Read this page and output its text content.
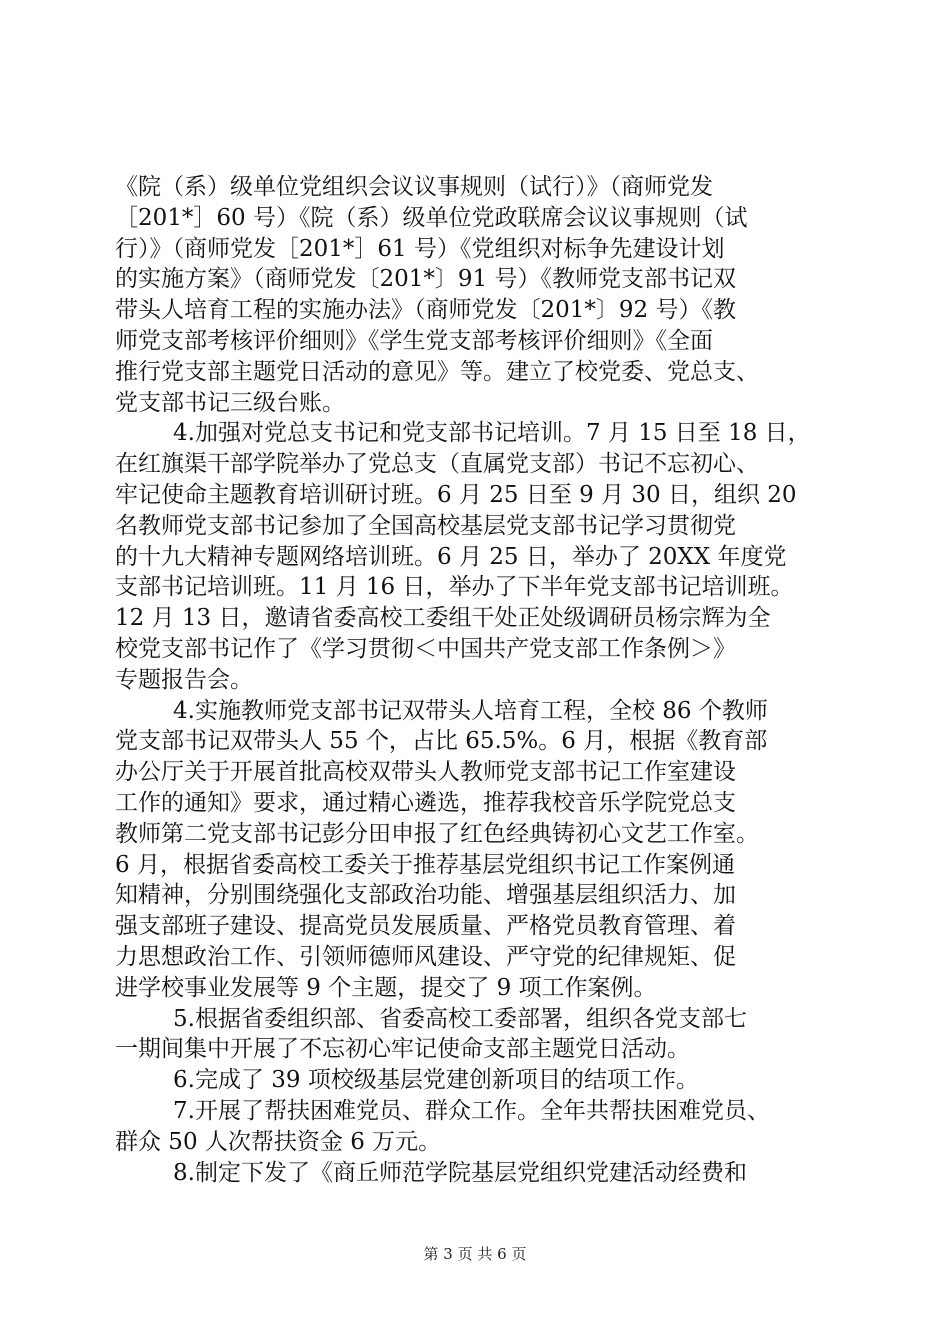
《院（系）级单位党组织会议议事规则（试行）》（商师党发
［201*］60 号）《院（系）级单位党政联席会议议事规则（试
行）》（商师党发［201*］61 号）《党组织对标争先建设计划
的实施方案》（商师党发〔201*〕91 号）《教师党支部书记双
带头人培育工程的实施办法》（商师党发〔201*〕92 号）《教
师党支部考核评价细则》《学生党支部考核评价细则》《全面
推行党支部主题党日活动的意见》等。建立了校党委、党总支、
党支部书记三级台账。
4.加强对党总支书记和党支部书记培训。7 月 15 日至 18 日，
在红旗渠干部学院举办了党总支（直属党支部）书记不忘初心、
牢记使命主题教育培训研讨班。6 月 25 日至 9 月 30 日，组织 20
名教师党支部书记参加了全国高校基层党支部书记学习贯彻党
的十九大精神专题网络培训班。6 月 25 日，举办了 20XX 年度党
支部书记培训班。11 月 16 日，举办了下半年党支部书记培训班。
12 月 13 日，邀请省委高校工委组干处正处级调研员杨宗辉为全
校党支部书记作了《学习贯彻＜中国共产党支部工作条例＞》
专题报告会。
4.实施教师党支部书记双带头人培育工程，全校 86 个教师
党支部书记双带头人 55 个，占比 65.5%。6 月，根据《教育部
办公厅关于开展首批高校双带头人教师党支部书记工作室建设
工作的通知》要求，通过精心遴选，推荐我校音乐学院党总支
教师第二党支部书记彭分田申报了红色经典铸初心文艺工作室。
6 月，根据省委高校工委关于推荐基层党组织书记工作案例通
知精神，分别围绕强化支部政治功能、增强基层组织活力、加
强支部班子建设、提高党员发展质量、严格党员教育管理、着
力思想政治工作、引领师德师风建设、严守党的纪律规矩、促
进学校事业发展等 9 个主题，提交了 9 项工作案例。
5.根据省委组织部、省委高校工委部署，组织各党支部七
一期间集中开展了不忘初心牢记使命支部主题党日活动。
6.完成了 39 项校级基层党建创新项目的结项工作。
7.开展了帮扶困难党员、群众工作。全年共帮扶困难党员、
群众 50 人次帮扶资金 6 万元。
8.制定下发了《商丘师范学院基层党组织党建活动经费和
第 3 页 共 6 页
